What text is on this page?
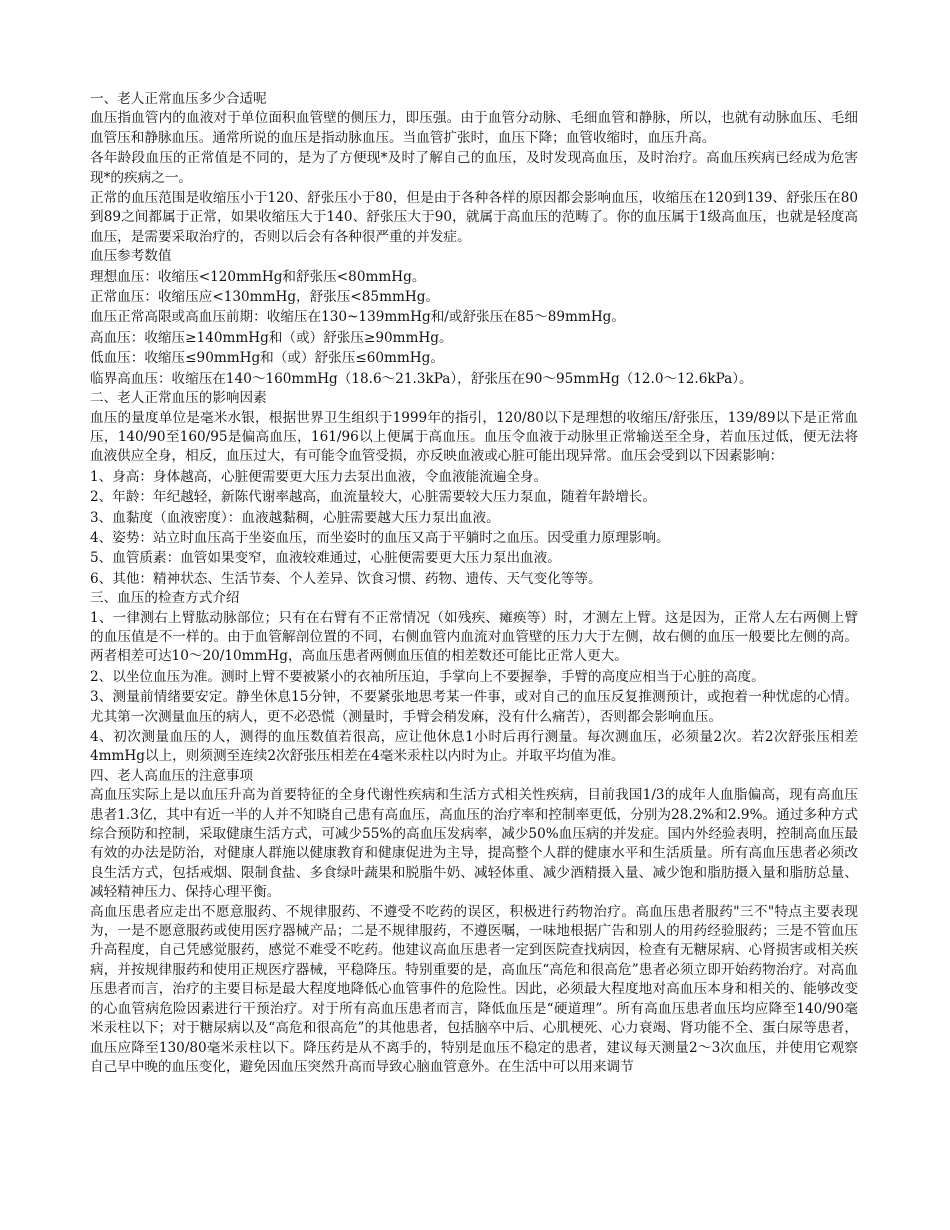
一、老人正常血压多少合适呢

血压指血管内的血液对于单位面积血管壁的侧压力，即压强。由于血管分动脉、毛细血管和静脉，所以，也就有动脉血压、毛细血管压和静脉血压。通常所说的血压是指动脉血压。当血管扩张时，血压下降；血管收缩时，血压升高。

各年龄段血压的正常值是不同的，是为了方便现*及时了解自己的血压，及时发现高血压，及时治疗。高血压疾病已经成为危害现*的疾病之一。

正常的血压范围是收缩压小于120、舒张压小于80，但是由于各种各样的原因都会影响血压，收缩压在120到139、舒张压在80到89之间都属于正常，如果收缩压大于140、舒张压大于90，就属于高血压的范畴了。你的血压属于1级高血压，也就是轻度高血压，是需要采取治疗的，否则以后会有各种很严重的并发症。

血压参考数值

理想血压：收缩压<120mmHg和舒张压<80mmHg。

正常血压：收缩压应<130mmHg，舒张压<85mmHg。

血压正常高限或高血压前期：收缩压在130~139mmHg和/或舒张压在85～89mmHg。

高血压：收缩压≥140mmHg和（或）舒张压≥90mmHg。

低血压：收缩压≤90mmHg和（或）舒张压≤60mmHg。

临界高血压：收缩压在140～160mmHg（18.6～21.3kPa），舒张压在90～95mmHg（12.0～12.6kPa）。

二、老人正常血压的影响因素

血压的量度单位是毫米水银，根据世界卫生组织于1999年的指引，120/80以下是理想的收缩压/舒张压，139/89以下是正常血压，140/90至160/95是偏高血压，161/96以上便属于高血压。血压令血液于动脉里正常输送至全身，若血压过低，便无法将血液供应全身，相反，血压过大，有可能令血管受损，亦反映血液或心脏可能出现异常。血压会受到以下因素影响：

1、身高：身体越高，心脏便需要更大压力去泵出血液，令血液能流遍全身。

2、年龄：年纪越轻，新陈代谢率越高，血流量较大，心脏需要较大压力泵血，随着年龄增长。

3、血黏度（血液密度）：血液越黏稠，心脏需要越大压力泵出血液。

4、姿势：站立时血压高于坐姿血压，而坐姿时的血压又高于平躺时之血压。因受重力原理影响。

5、血管质素：血管如果变窄，血液较难通过，心脏便需要更大压力泵出血液。

6、其他：精神状态、生活节奏、个人差异、饮食习惯、药物、遗传、天气变化等等。

三、血压的检查方式介绍

1、一律测右上臂肱动脉部位；只有在右臂有不正常情况（如残疾、瘫痪等）时，才测左上臂。这是因为，正常人左右两侧上臂的血压值是不一样的。由于血管解剖位置的不同，右侧血管内血流对血管壁的压力大于左侧，故右侧的血压一般要比左侧的高。两者相差可达10～20/10mmHg，高血压患者两侧血压值的相差数还可能比正常人更大。

2、以坐位血压为准。测时上臂不要被紧小的衣袖所压迫，手掌向上不要握拳，手臂的高度应相当于心脏的高度。

3、测量前情绪要安定。静坐休息15分钟，不要紧张地思考某一件事，或对自己的血压反复推测预计，或抱着一种忧虑的心情。尤其第一次测量血压的病人，更不必恐慌（测量时，手臂会稍发麻，没有什么痛苦），否则都会影响血压。

4、初次测量血压的人，测得的血压数值若很高，应让他休息1小时后再行测量。每次测血压，必须量2次。若2次舒张压相差4mmHg以上，则须测至连续2次舒张压相差在4毫米汞柱以内时为止。并取平均值为准。

四、老人高血压的注意事项

高血压实际上是以血压升高为首要特征的全身代谢性疾病和生活方式相关性疾病，目前我国1/3的成年人血脂偏高，现有高血压患者1.3亿，其中有近一半的人并不知晓自己患有高血压，高血压的治疗率和控制率更低，分别为28.2%和2.9%。通过多种方式综合预防和控制，采取健康生活方式，可减少55%的高血压发病率，减少50%血压病的并发症。国内外经验表明，控制高血压最有效的办法是防治，对健康人群施以健康教育和健康促进为主导，提高整个人群的健康水平和生活质量。所有高血压患者必须改良生活方式，包括戒烟、限制食盐、多食绿叶蔬果和脱脂牛奶、减轻体重、减少酒精摄入量、减少饱和脂肪摄入量和脂肪总量、减轻精神压力、保持心理平衡。

高血压患者应走出不愿意服药、不规律服药、不遵受不吃药的误区，积极进行药物治疗。高血压患者服药"三不"特点主要表现为，一是不愿意服药或使用医疗器械产品；二是不规律服药，不遵医嘱，一味地根据广告和别人的用药经验服药；三是不管血压升高程度，自己凭感觉服药，感觉不难受不吃药。他建议高血压患者一定到医院查找病因，检查有无糖尿病、心肾损害或相关疾病，并按规律服药和使用正规医疗器械，平稳降压。特别重要的是，高血压“高危和很高危”患者必须立即开始药物治疗。对高血压患者而言，治疗的主要目标是最大程度地降低心血管事件的危险性。因此，必须最大程度地对高血压本身和相关的、能够改变的心血管病危险因素进行干预治疗。对于所有高血压患者而言，降低血压是“硬道理”。所有高血压患者血压均应降至140/90毫米汞柱以下；对于糖尿病以及“高危和很高危”的其他患者，包括脑卒中后、心肌梗死、心力衰竭、肾功能不全、蛋白尿等患者，血压应降至130/80毫米汞柱以下。降压药是从不离手的，特别是血压不稳定的患者，建议每天测量2～3次血压，并使用它观察自己早中晚的血压变化，避免因血压突然升高而导致心脑血管意外。在生活中可以用来调节
